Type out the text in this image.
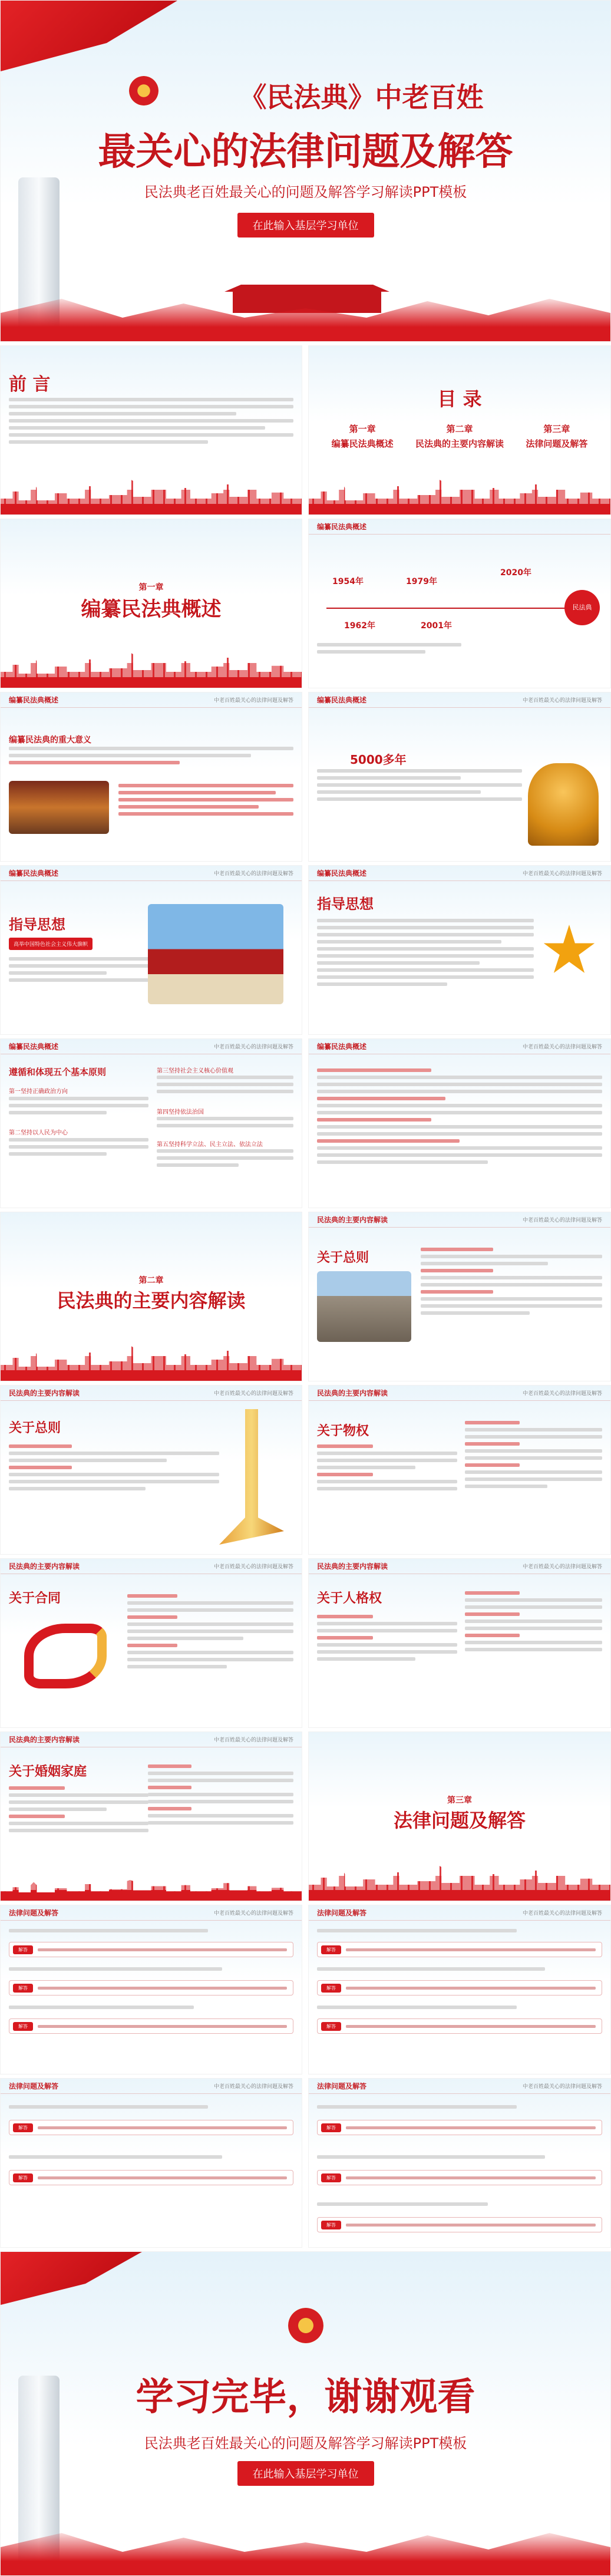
《民法典》中老百姓
最关心的法律问题及解答
民法典老百姓最关心的问题及解答学习解读PPT模板
在此输入基层学习单位
前 言
目 录
第一章
编纂民法典概述
第二章
民法典的主要内容解读
第三章
法律问题及解答
第一章
编纂民法典概述
编纂民法典概述
1954年
1962年
1979年
2001年
2020年
民法典
编纂民法典概述	中老百姓最关心的法律问题及解答
编纂民法典的重大意义
编纂民法典概述	中老百姓最关心的法律问题及解答
5000多年
编纂民法典概述	中老百姓最关心的法律问题及解答
指导思想
高举中国特色社会主义伟大旗帜
编纂民法典概述	中老百姓最关心的法律问题及解答
指导思想
编纂民法典概述	中老百姓最关心的法律问题及解答
遵循和体现五个基本原则
第一坚持正确政治方向
第二坚持以人民为中心
第三坚持社会主义核心价值观
第四坚持依法治国
第五坚持科学立法、民主立法、依法立法
编纂民法典概述	中老百姓最关心的法律问题及解答
第二章
民法典的主要内容解读
民法典的主要内容解读	中老百姓最关心的法律问题及解答
关于总则
民法典的主要内容解读	中老百姓最关心的法律问题及解答
关于总则
民法典的主要内容解读	中老百姓最关心的法律问题及解答
关于物权
民法典的主要内容解读	中老百姓最关心的法律问题及解答
关于合同
民法典的主要内容解读	中老百姓最关心的法律问题及解答
关于人格权
民法典的主要内容解读	中老百姓最关心的法律问题及解答
关于婚姻家庭
第三章
法律问题及解答
法律问题及解答	中老百姓最关心的法律问题及解答
解答
解答
解答
法律问题及解答	中老百姓最关心的法律问题及解答
解答
解答
解答
法律问题及解答	中老百姓最关心的法律问题及解答
解答
解答
法律问题及解答	中老百姓最关心的法律问题及解答
解答
解答
解答
学习完毕，谢谢观看
民法典老百姓最关心的问题及解答学习解读PPT模板
在此输入基层学习单位
